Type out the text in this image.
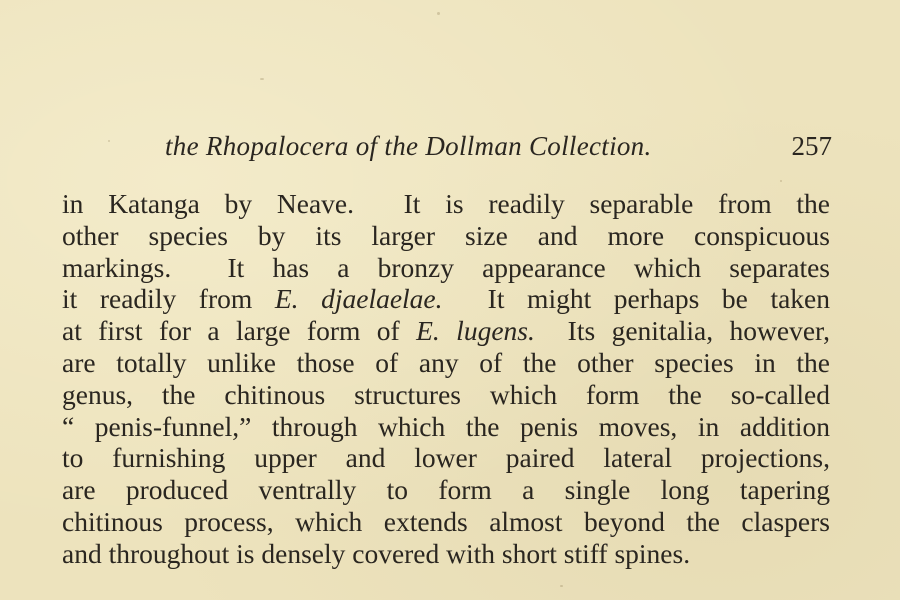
the Rhopalocera of the Dollman Collection.	257
in Katanga by Neave.  It is readily separable from the
other species by its larger size and more conspicuous
markings.  It has a bronzy appearance which separates
it readily from E. djaelaelae.  It might perhaps be taken
at first for a large form of E. lugens.  Its genitalia, however,
are totally unlike those of any of the other species in the
genus, the chitinous structures which form the so-called
“ penis-funnel,” through which the penis moves, in addition
to furnishing upper and lower paired lateral projections,
are produced ventrally to form a single long tapering
chitinous process, which extends almost beyond the claspers
and throughout is densely covered with short stiff spines.
